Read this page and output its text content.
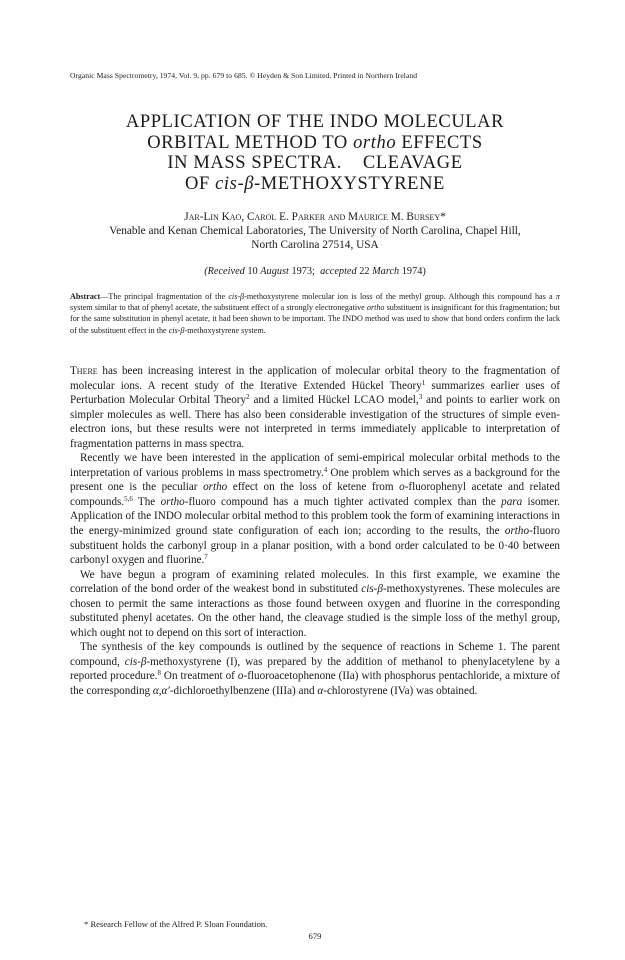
Organic Mass Spectrometry, 1974, Vol. 9, pp. 679 to 685. © Heyden & Son Limited. Printed in Northern Ireland
APPLICATION OF THE INDO MOLECULAR
ORBITAL METHOD TO ortho EFFECTS
IN MASS SPECTRA.    CLEAVAGE
OF cis-β-METHOXYSTYRENE
Jar-Lin Kao, Carol E. Parker and Maurice M. Bursey*
Venable and Kenan Chemical Laboratories, The University of North Carolina, Chapel Hill,
North Carolina 27514, USA
(Received 10 August 1973; accepted 22 March 1974)
Abstract—The principal fragmentation of the cis-β-methoxystyrene molecular ion is loss of the methyl group. Although this compound has a π system similar to that of phenyl acetate, the substituent effect of a strongly electronegative ortho substituent is insignificant for this fragmentation; but for the same substitution in phenyl acetate, it had been shown to be important. The INDO method was used to show that bond orders confirm the lack of the substituent effect in the cis-β-methoxystyrene system.

There has been increasing interest in the application of molecular orbital theory to the fragmentation of molecular ions. A recent study of the Iterative Extended Hückel Theory$^1$ summarizes earlier uses of Perturbation Molecular Orbital Theory$^2$ and a limited Hückel LCAO model,$^3$ and points to earlier work on simpler molecules as well. There has also been considerable investigation of the structures of simple even-electron ions, but these results were not interpreted in terms immediately applicable to interpretation of fragmentation patterns in mass spectra.

Recently we have been interested in the application of semi-empirical molecular orbital methods to the interpretation of various problems in mass spectrometry.$^4$ One problem which serves as a background for the present one is the peculiar ortho effect on the loss of ketene from o-fluorophenyl acetate and related compounds.$^{5,6}$ The ortho-fluoro compound has a much tighter activated complex than the para isomer. Application of the INDO molecular orbital method to this problem took the form of examining interactions in the energy-minimized ground state configuration of each ion; according to the results, the ortho-fluoro substituent holds the carbonyl group in a planar position, with a bond order calculated to be 0·40 between carbonyl oxygen and fluorine.$^7$

We have begun a program of examining related molecules. In this first example, we examine the correlation of the bond order of the weakest bond in substituted cis-β-methoxystyrenes. These molecules are chosen to permit the same interactions as those found between oxygen and fluorine in the corresponding substituted phenyl acetates. On the other hand, the cleavage studied is the simple loss of the methyl group, which ought not to depend on this sort of interaction.

The synthesis of the key compounds is outlined by the sequence of reactions in Scheme 1. The parent compound, cis-β-methoxystyrene (I), was prepared by the addition of methanol to phenylacetylene by a reported procedure.$^8$ On treatment of o-fluoroacetophenone (IIa) with phosphorus pentachloride, a mixture of the corresponding α,α′-dichloroethylbenzene (IIIa) and α-chlorostyrene (IVa) was obtained.

* Research Fellow of the Alfred P. Sloan Foundation.
679
